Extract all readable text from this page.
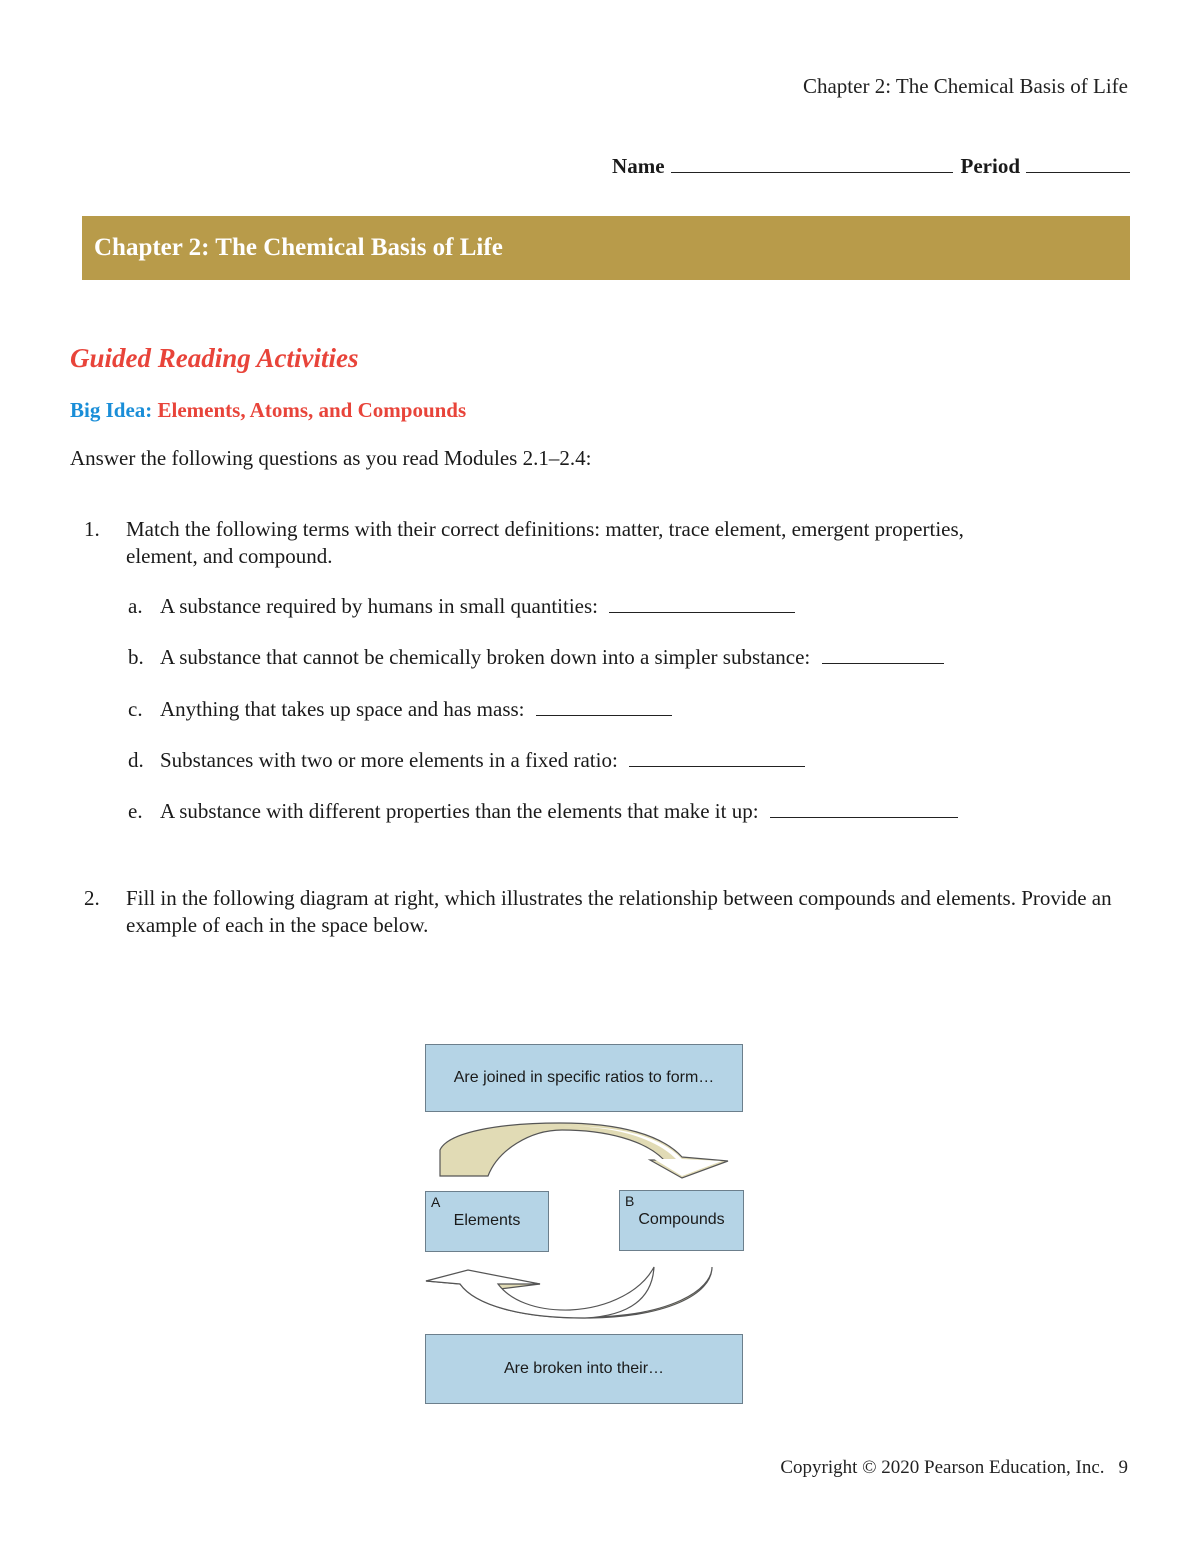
Chapter 2: The Chemical Basis of Life
Name	Period
Chapter 2: The Chemical Basis of Life
Guided Reading Activities
Big Idea: Elements, Atoms, and Compounds
Answer the following questions as you read Modules 2.1–2.4:
1. Match the following terms with their correct definitions: matter, trace element, emergent properties, element, and compound.
a. A substance required by humans in small quantities:
b. A substance that cannot be chemically broken down into a simpler substance:
c. Anything that takes up space and has mass:
d. Substances with two or more elements in a fixed ratio:
e. A substance with different properties than the elements that make it up:
2. Fill in the following diagram at right, which illustrates the relationship between compounds and elements. Provide an example of each in the space below.
Are joined in specific ratios to form…
A
Elements
B
Compounds
Are broken into their…
Copyright © 2020 Pearson Education, Inc. 9
